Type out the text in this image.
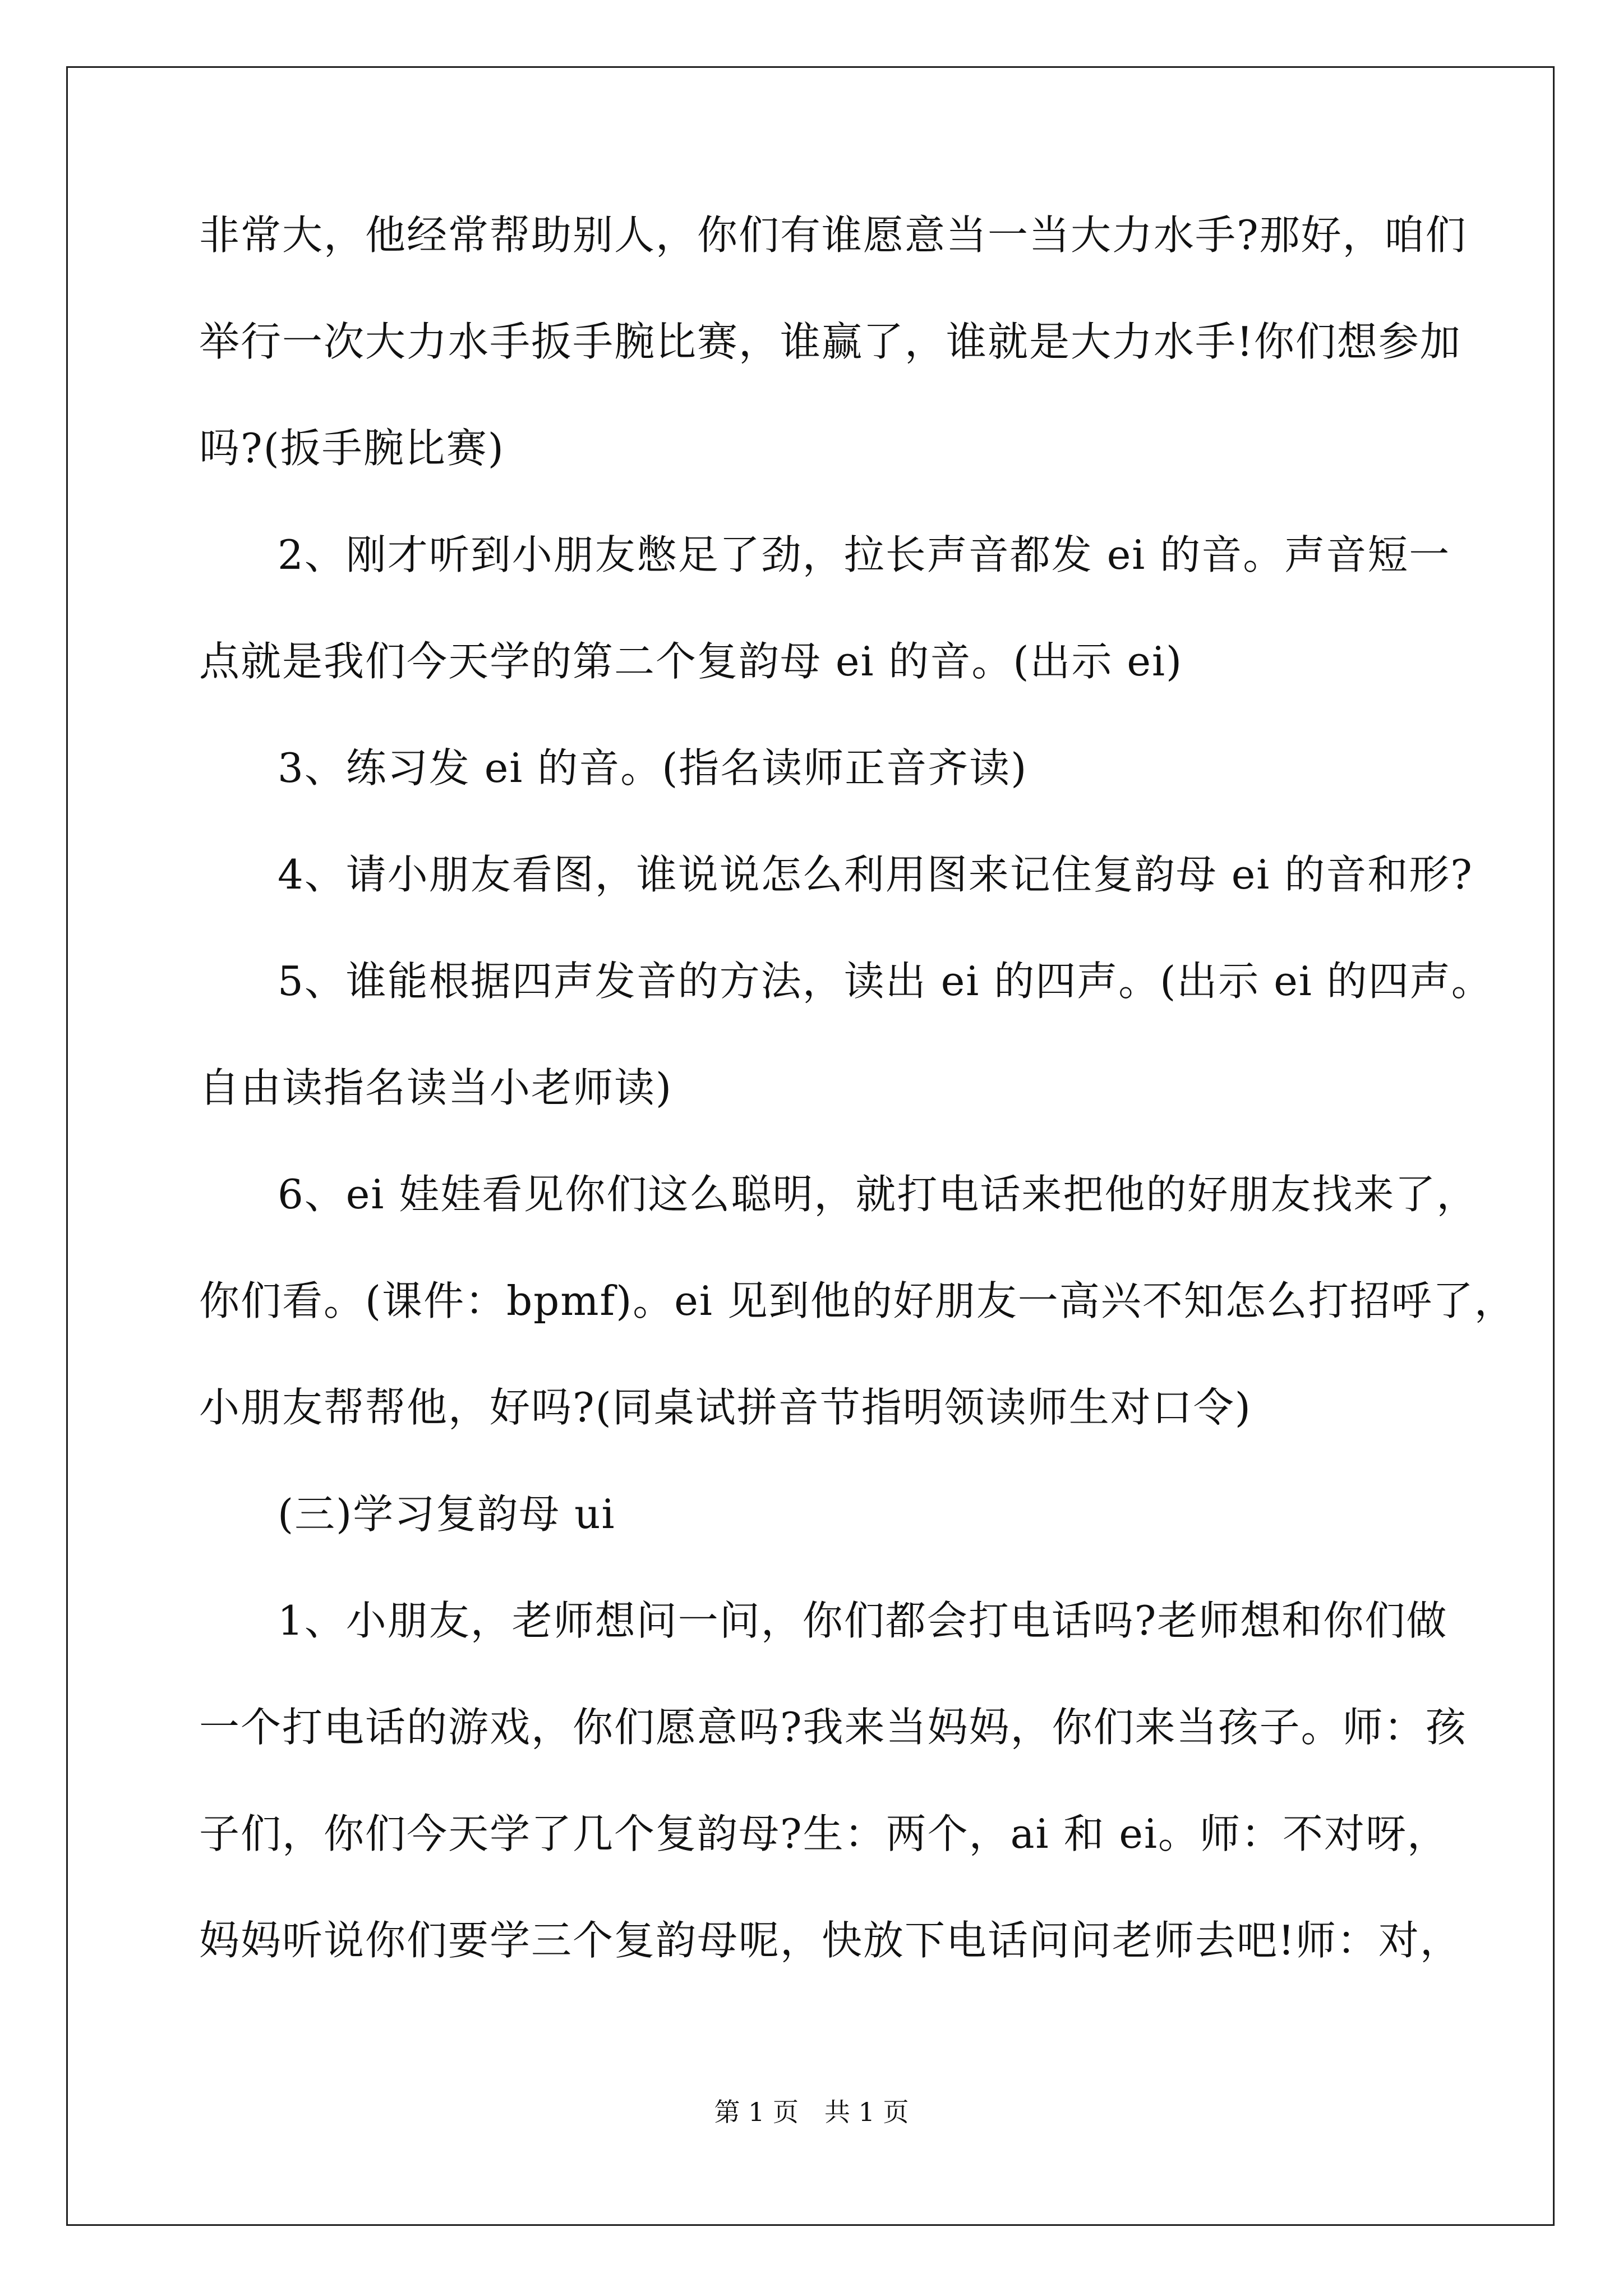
非常大，他经常帮助别人，你们有谁愿意当一当大力水手?那好，咱们
举行一次大力水手扳手腕比赛，谁赢了，谁就是大力水手!你们想参加
吗?(扳手腕比赛)
2、刚才听到小朋友憋足了劲，拉长声音都发 ei 的音。声音短一
点就是我们今天学的第二个复韵母 ei 的音。(出示 ei)
3、练习发 ei 的音。(指名读师正音齐读)
4、请小朋友看图，谁说说怎么利用图来记住复韵母 ei 的音和形?
5、谁能根据四声发音的方法，读出 ei 的四声。(出示 ei 的四声。
自由读指名读当小老师读)
6、ei 娃娃看见你们这么聪明，就打电话来把他的好朋友找来了，
你们看。(课件：bpmf)。ei 见到他的好朋友一高兴不知怎么打招呼了，
小朋友帮帮他，好吗?(同桌试拼音节指明领读师生对口令)
(三)学习复韵母 ui
1、小朋友，老师想问一问，你们都会打电话吗?老师想和你们做
一个打电话的游戏，你们愿意吗?我来当妈妈，你们来当孩子。师：孩
子们，你们今天学了几个复韵母?生：两个，ai 和 ei。师：不对呀，
妈妈听说你们要学三个复韵母呢，快放下电话问问老师去吧!师：对，
第 1 页　共 1 页
